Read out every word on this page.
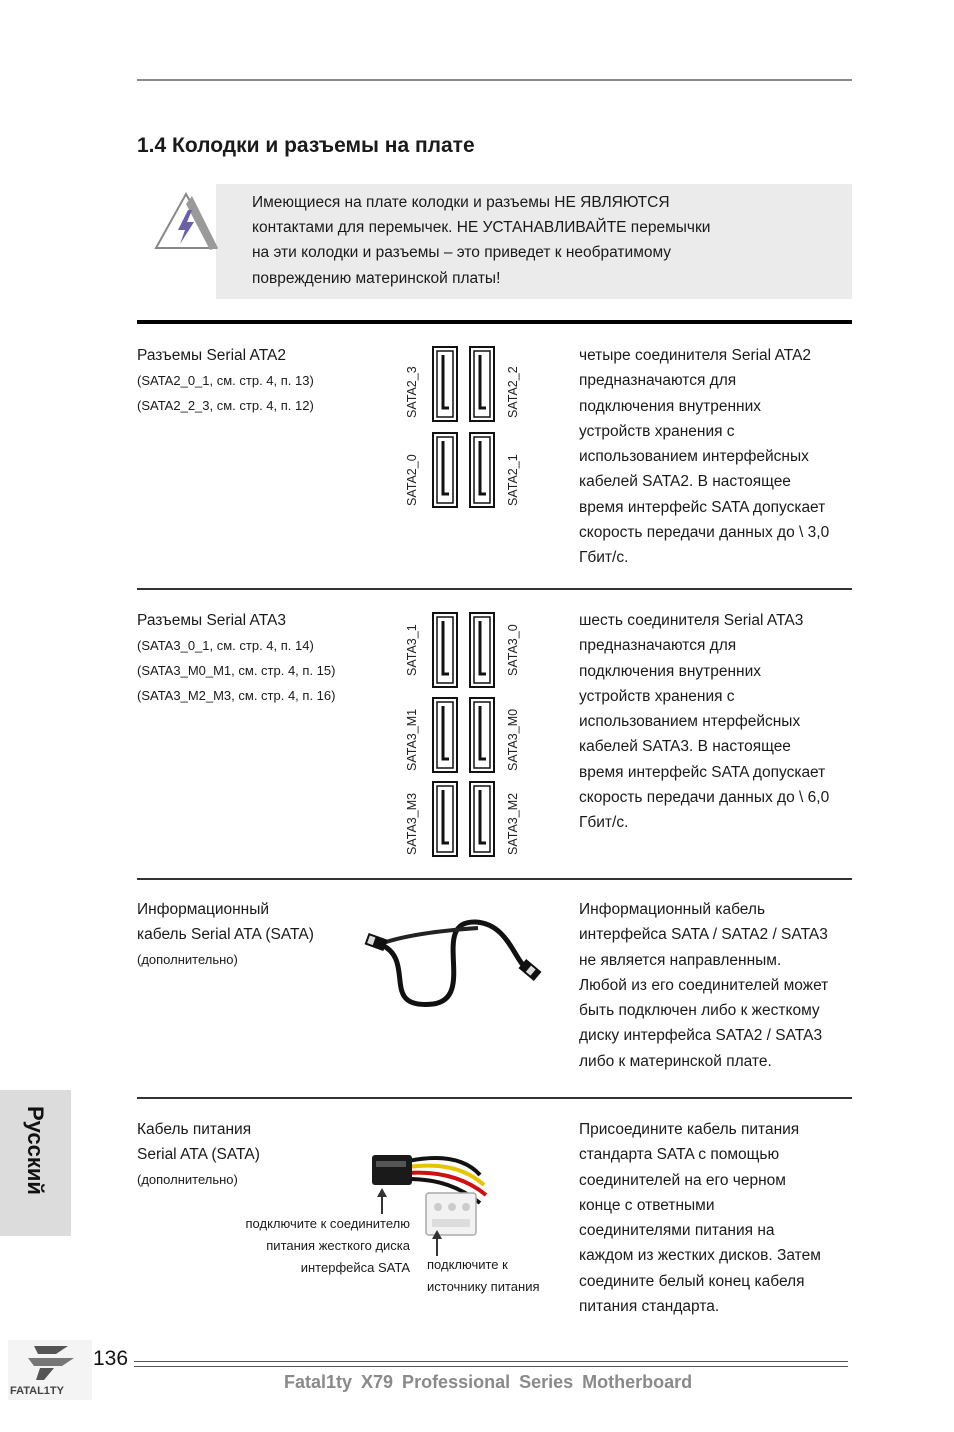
1.4 Колодки и разъемы на плате
Имеющиеся на плате колодки и разъемы НЕ ЯВЛЯЮТСЯ
контактами для перемычек. НЕ УСТАНАВЛИВАЙТЕ перемычки
на эти колодки и разъемы – это приведет к необратимому
повреждению материнской платы!
Разъемы Serial ATA2
(SATA2_0_1, см. стр. 4, п. 13)
(SATA2_2_3, см. стр. 4, п. 12)	SATA2_3	SATA2_2
SATA2_0	SATA2_1
четыре соединителя Serial ATA2
предназначаются для
подключения внутренних
устройств хранения с
использованием интерфейсных
кабелей SATA2. В настоящее
время интерфейс SATA допускает
скорость передачи данных до \ 3,0
Гбит/с.
Разъемы Serial ATA3
(SATA3_0_1, см. стр. 4, п. 14)
(SATA3_M0_M1, см. стр. 4, п. 15)
(SATA3_M2_M3, см. стр. 4, п. 16)
SATA3_1	SATA3_0
SATA3_M1	SATA3_M0
SATA3_M3	SATA3_M2
шесть соединителя Serial ATA3
предназначаются для
подключения внутренних
устройств хранения с
использованием нтерфейсных
кабелей SATA3. В настоящее
время интерфейс SATA допускает
скорость передачи данных до \ 6,0
Гбит/с.
Информационный
кабель Serial ATA (SATA)
(дополнительно)
Информационный кабель
интерфейса SATA / SATA2 / SATA3
не является направленным.
Любой из его соединителей может
быть подключен либо к жесткому
диску интерфейса SATA2 / SATA3
либо к материнской плате.
Кабель питания
Serial ATA (SATA)
(дополнительно)
подключите к соединителю
питания жесткого диска
интерфейса SATA подключите к
источнику питания
Присоедините кабель питания
стандарта SATA с помощью
соединителей на его черном
конце с ответными
соединителями питания на
каждом из жестких дисков. Затем
соедините белый конец кабеля
питания стандарта.
Русский
FATAL1TY
136
Fatal1ty X79 Professional Series Motherboard
